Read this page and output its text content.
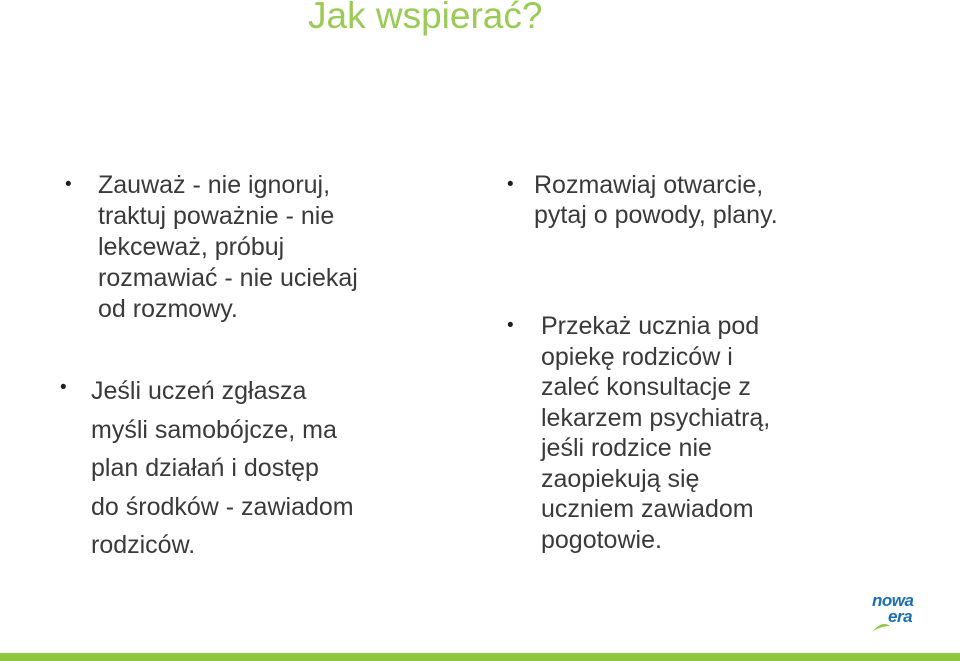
Jak wspierać?
• Zauważ - nie ignoruj,
traktuj poważnie - nie
lekceważ, próbuj
rozmawiać - nie uciekaj
od rozmowy.
• Jeśli uczeń zgłasza
myśli samobójcze, ma
plan działań i dostęp
do środków - zawiadom
rodziców.
• Rozmawiaj otwarcie,
pytaj o powody, plany.
• Przekaż ucznia pod
opiekę rodziców i
zaleć konsultacje z
lekarzem psychiatrą,
jeśli rodzice nie
zaopiekują się
uczniem zawiadom
pogotowie.
nowa
era
